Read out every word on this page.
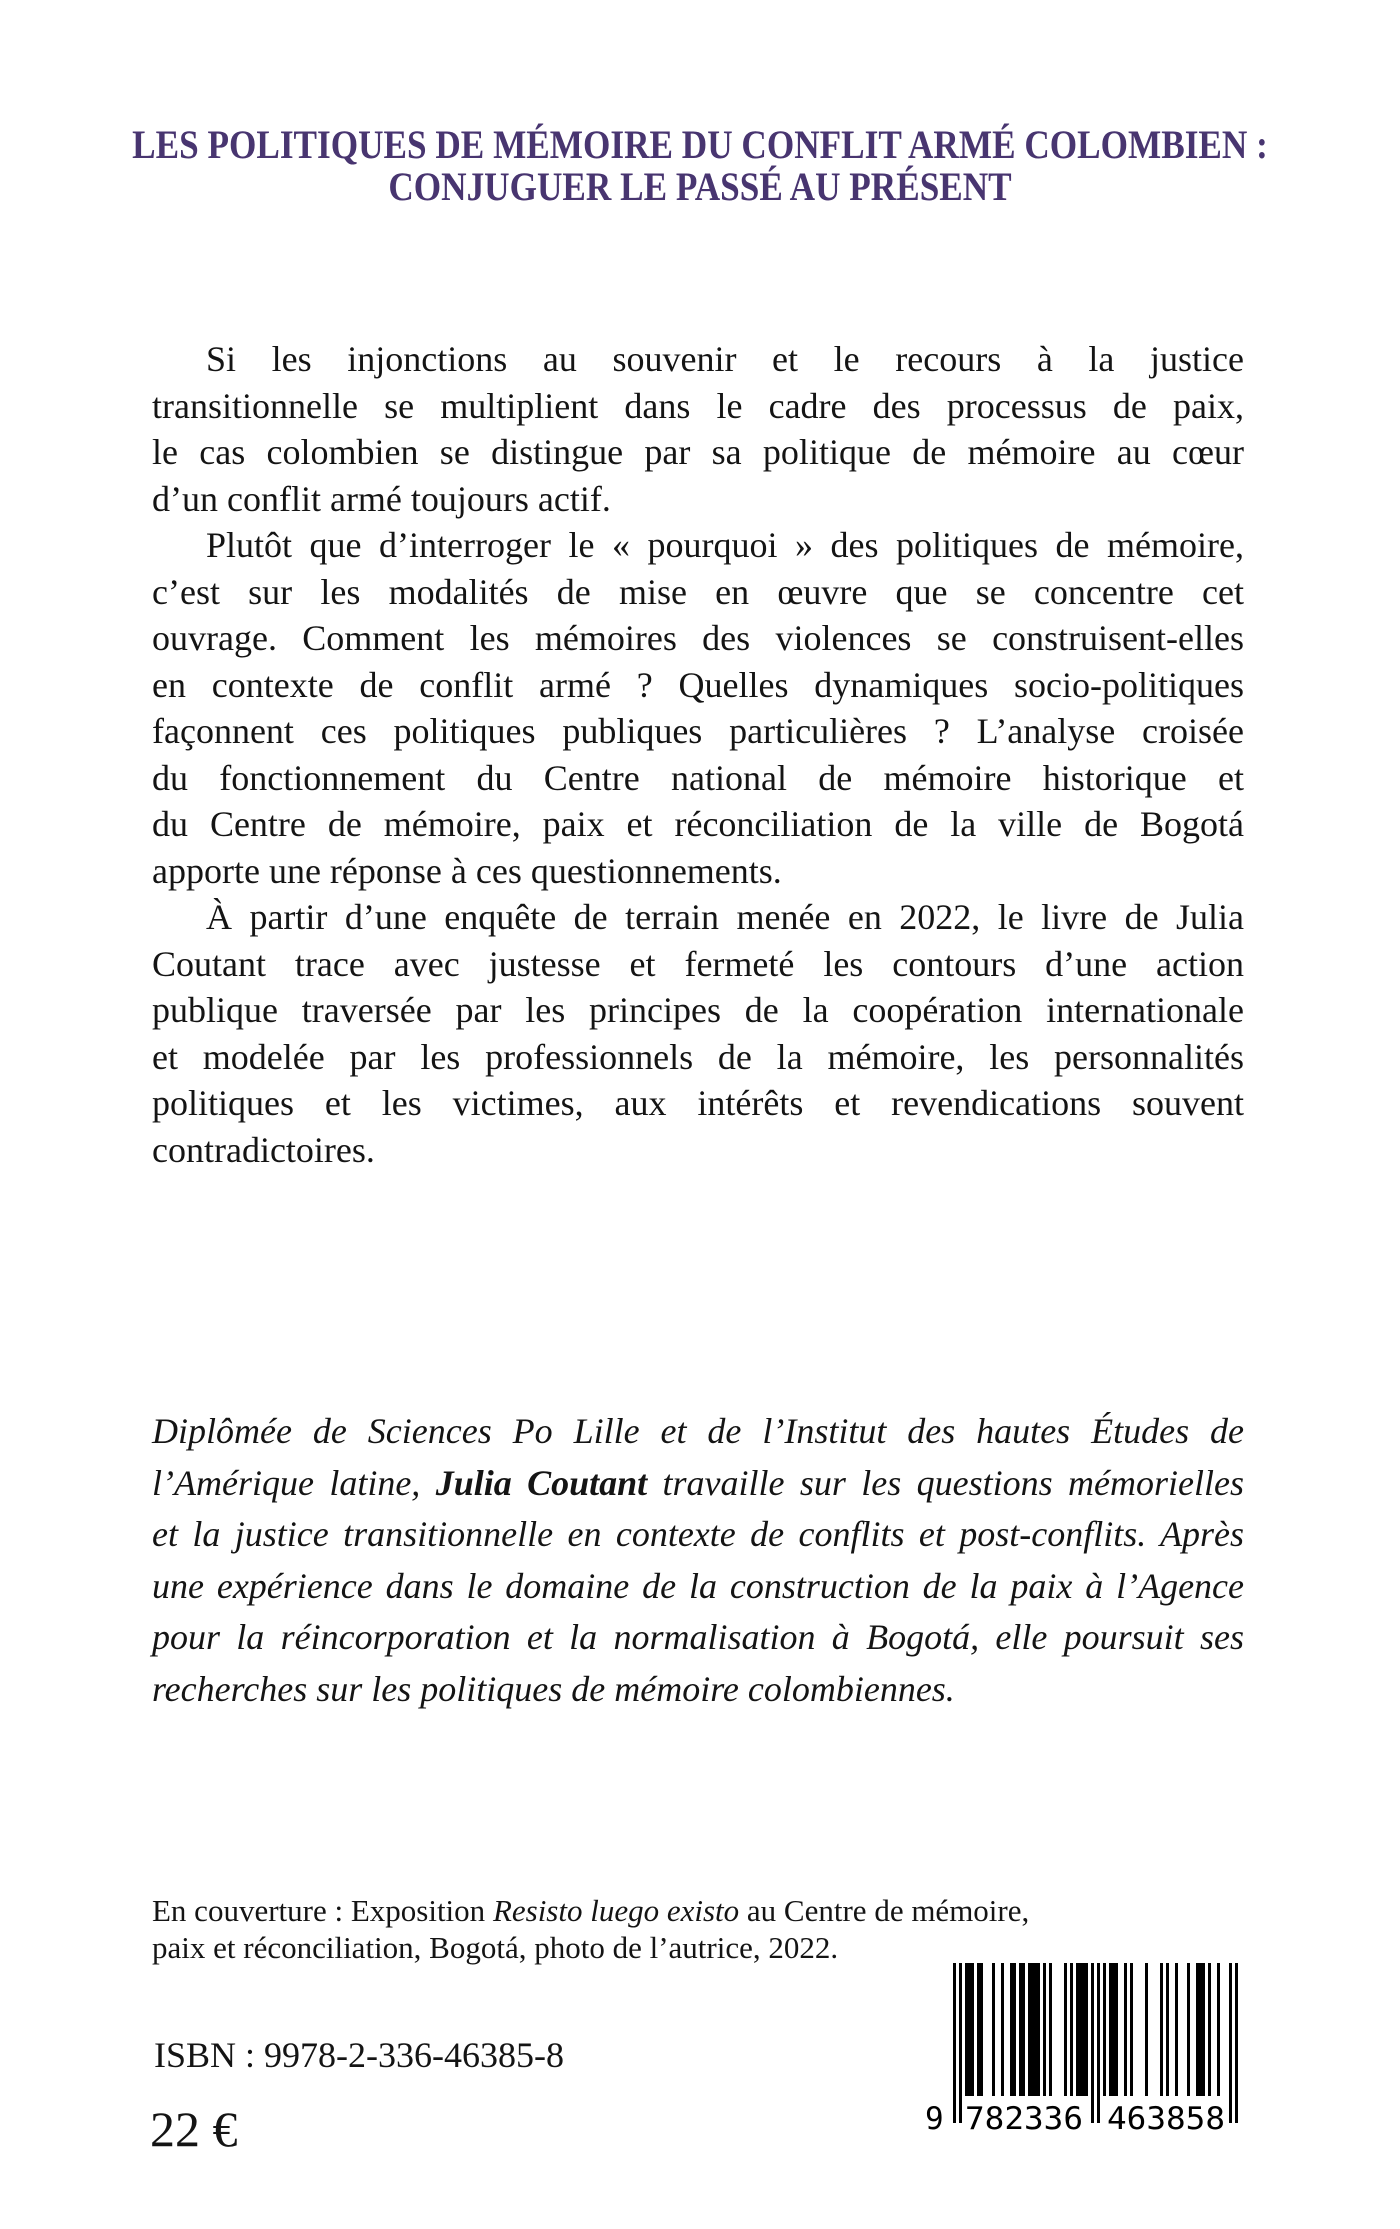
LES POLITIQUES DE MÉMOIRE DU CONFLIT ARMÉ COLOMBIEN :
CONJUGUER LE PASSÉ AU PRÉSENT
Si les injonctions au souvenir et le recours à la justice
transitionnelle se multiplient dans le cadre des processus de paix,
le cas colombien se distingue par sa politique de mémoire au cœur
d’un conflit armé toujours actif.
Plutôt que d’interroger le « pourquoi » des politiques de mémoire,
c’est sur les modalités de mise en œuvre que se concentre cet
ouvrage. Comment les mémoires des violences se construisent-elles
en contexte de conflit armé ? Quelles dynamiques socio-politiques
façonnent ces politiques publiques particulières ? L’analyse croisée
du fonctionnement du Centre national de mémoire historique et
du Centre de mémoire, paix et réconciliation de la ville de Bogotá
apporte une réponse à ces questionnements.
À partir d’une enquête de terrain menée en 2022, le livre de Julia
Coutant trace avec justesse et fermeté les contours d’une action
publique traversée par les principes de la coopération internationale
et modelée par les professionnels de la mémoire, les personnalités
politiques et les victimes, aux intérêts et revendications souvent
contradictoires.
Diplômée de Sciences Po Lille et de l’Institut des hautes Études de
l’Amérique latine, Julia Coutant travaille sur les questions mémorielles
et la justice transitionnelle en contexte de conflits et post-conflits. Après
une expérience dans le domaine de la construction de la paix à l’Agence
pour la réincorporation et la normalisation à Bogotá, elle poursuit ses
recherches sur les politiques de mémoire colombiennes.
En couverture : Exposition Resisto luego existo au Centre de mémoire,
paix et réconciliation, Bogotá, photo de l’autrice, 2022.
ISBN : 9978-2-336-46385-8
22 €	9 782336 463858
